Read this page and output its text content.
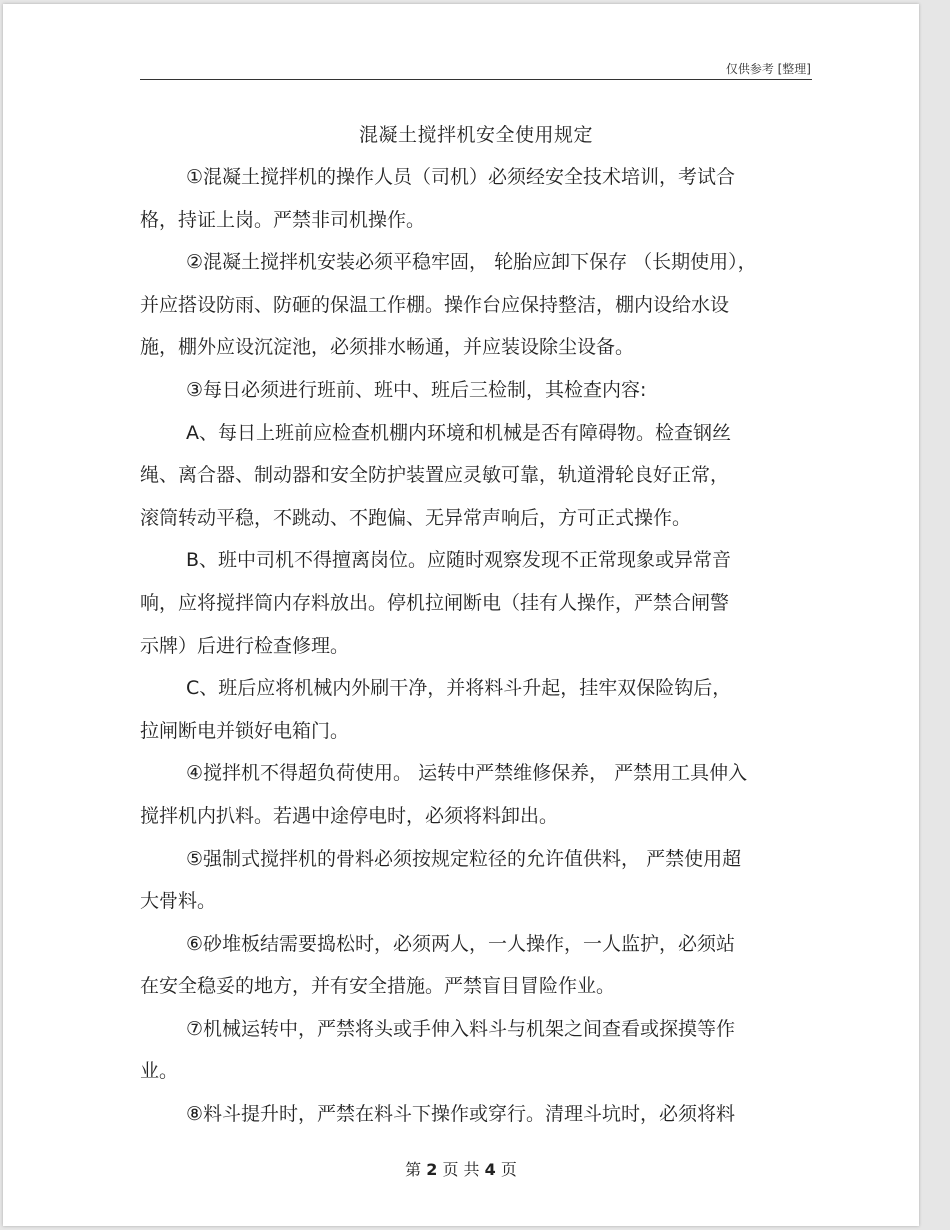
仅供参考 [整理]
混凝土搅拌机安全使用规定
①混凝土搅拌机的操作人员（司机）必须经安全技术培训，考试合
格，持证上岗。严禁非司机操作。
②混凝土搅拌机安装必须平稳牢固， 轮胎应卸下保存 （长期使用），
并应搭设防雨、防砸的保温工作棚。操作台应保持整洁，棚内设给水设
施，棚外应设沉淀池，必须排水畅通，并应装设除尘设备。
③每日必须进行班前、班中、班后三检制，其检查内容:
A、每日上班前应检查机棚内环境和机械是否有障碍物。检查钢丝
绳、离合器、制动器和安全防护装置应灵敏可靠，轨道滑轮良好正常，
滚筒转动平稳，不跳动、不跑偏、无异常声响后，方可正式操作。
B、班中司机不得擅离岗位。应随时观察发现不正常现象或异常音
响，应将搅拌筒内存料放出。停机拉闸断电（挂有人操作，严禁合闸警
示牌）后进行检查修理。
C、班后应将机械内外刷干净，并将料斗升起，挂牢双保险钩后，
拉闸断电并锁好电箱门。
④搅拌机不得超负荷使用。 运转中严禁维修保养， 严禁用工具伸入
搅拌机内扒料。若遇中途停电时，必须将料卸出。
⑤强制式搅拌机的骨料必须按规定粒径的允许值供料， 严禁使用超
大骨料。
⑥砂堆板结需要捣松时，必须两人，一人操作，一人监护，必须站
在安全稳妥的地方，并有安全措施。严禁盲目冒险作业。
⑦机械运转中，严禁将头或手伸入料斗与机架之间查看或探摸等作
业。
⑧料斗提升时，严禁在料斗下操作或穿行。清理斗坑时，必须将料
第 2 页 共 4 页
